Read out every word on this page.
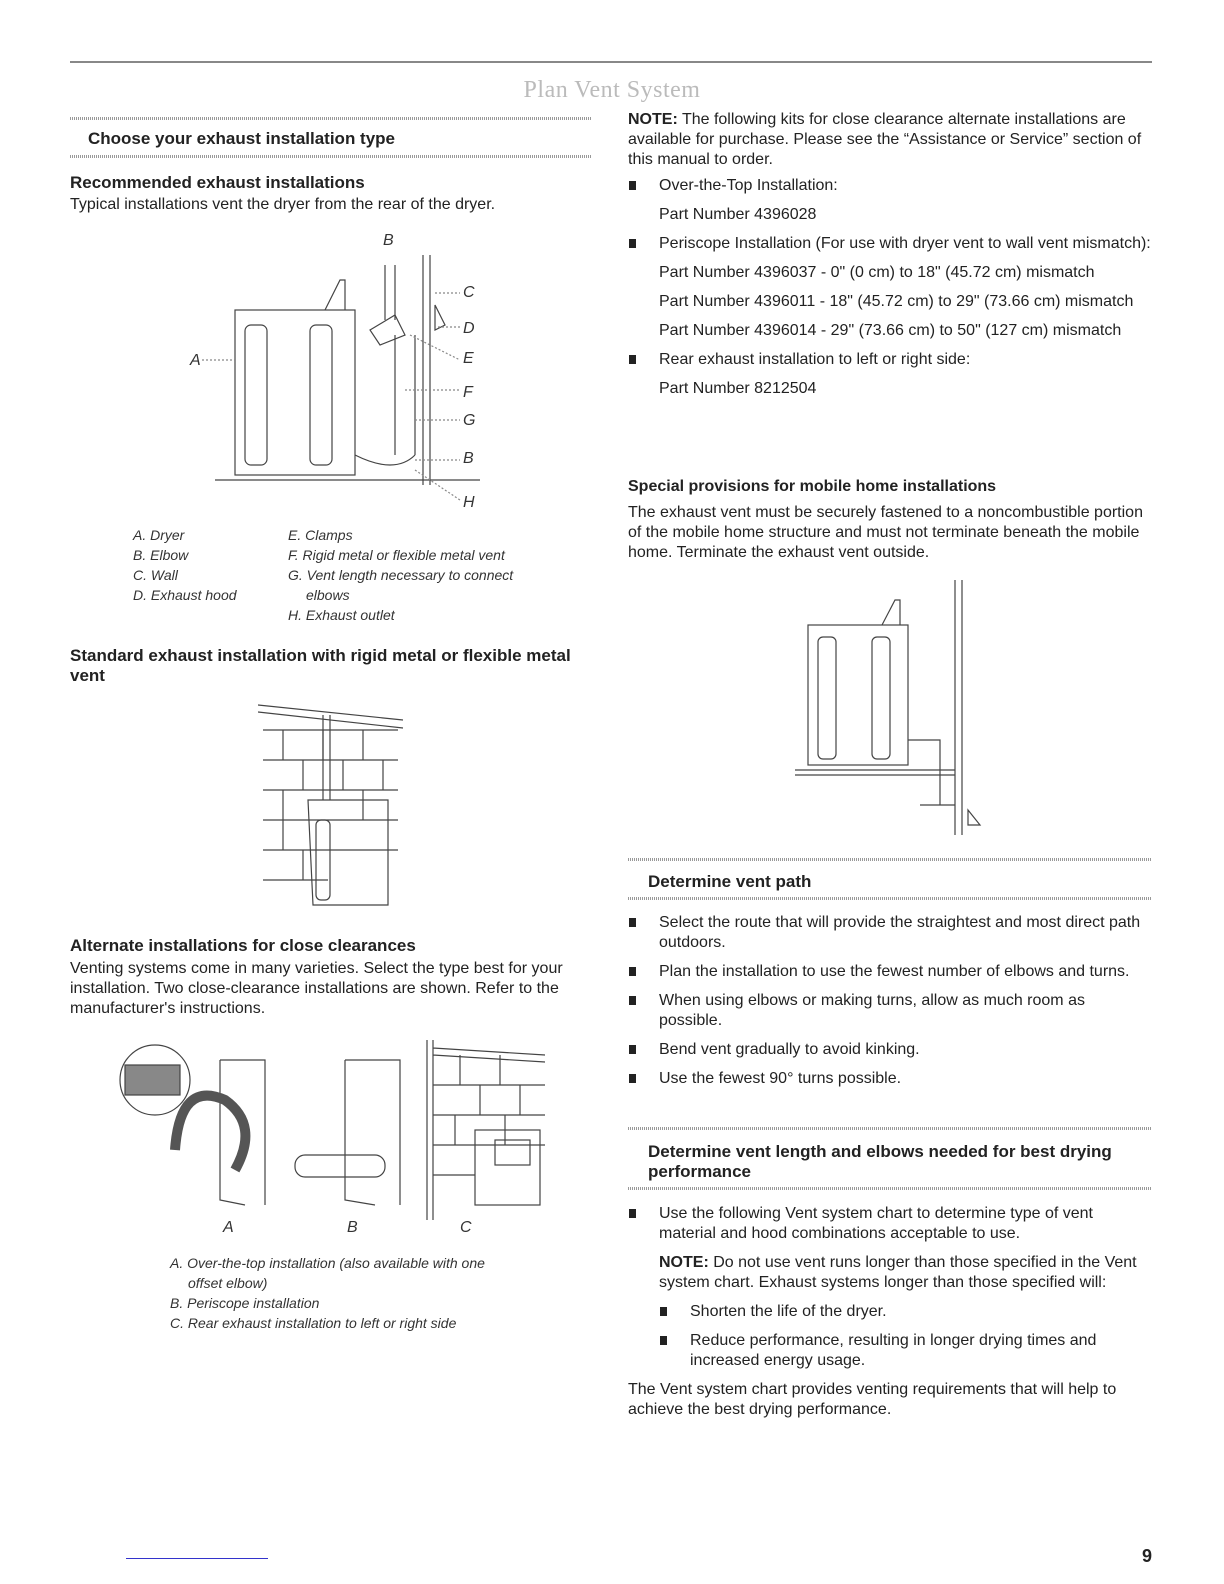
Plan Vent System
Choose your exhaust installation type
Recommended exhaust installations
Typical installations vent the dryer from the rear of the dryer.
B
C
D
E
F
G
B
H
A
A. Dryer
B. Elbow
C. Wall
D. Exhaust hood
E. Clamps
F. Rigid metal or flexible metal vent
G. Vent length necessary to connect
elbows
H. Exhaust outlet
Standard exhaust installation with rigid metal or flexible metal vent
Alternate installations for close clearances
Venting systems come in many varieties. Select the type best for your installation. Two close-clearance installations are shown. Refer to the manufacturer's instructions.
A	B	C
A. Over-the-top installation (also available with one
offset elbow)
B. Periscope installation
C. Rear exhaust installation to left or right side
NOTE: The following kits for close clearance alternate installations are available for purchase. Please see the “Assistance or Service” section of this manual to order.
Over-the-Top Installation:
Part Number 4396028
Periscope Installation (For use with dryer vent to wall vent mismatch):
Part Number 4396037 - 0" (0 cm) to 18" (45.72 cm) mismatch
Part Number 4396011 - 18" (45.72 cm) to 29" (73.66 cm) mismatch
Part Number 4396014 - 29" (73.66 cm) to 50" (127 cm) mismatch
Rear exhaust installation to left or right side:
Part Number 8212504
Special provisions for mobile home installations
The exhaust vent must be securely fastened to a noncombustible portion of the mobile home structure and must not terminate beneath the mobile home. Terminate the exhaust vent outside.
Determine vent path
Select the route that will provide the straightest and most direct path outdoors.
Plan the installation to use the fewest number of elbows and turns.
When using elbows or making turns, allow as much room as possible.
Bend vent gradually to avoid kinking.
Use the fewest 90° turns possible.
Determine vent length and elbows needed for best drying performance
Use the following Vent system chart to determine type of vent material and hood combinations acceptable to use.
NOTE: Do not use vent runs longer than those specified in the Vent system chart. Exhaust systems longer than those specified will:
Shorten the life of the dryer.
Reduce performance, resulting in longer drying times and increased energy usage.
The Vent system chart provides venting requirements that will help to achieve the best drying performance.
9
